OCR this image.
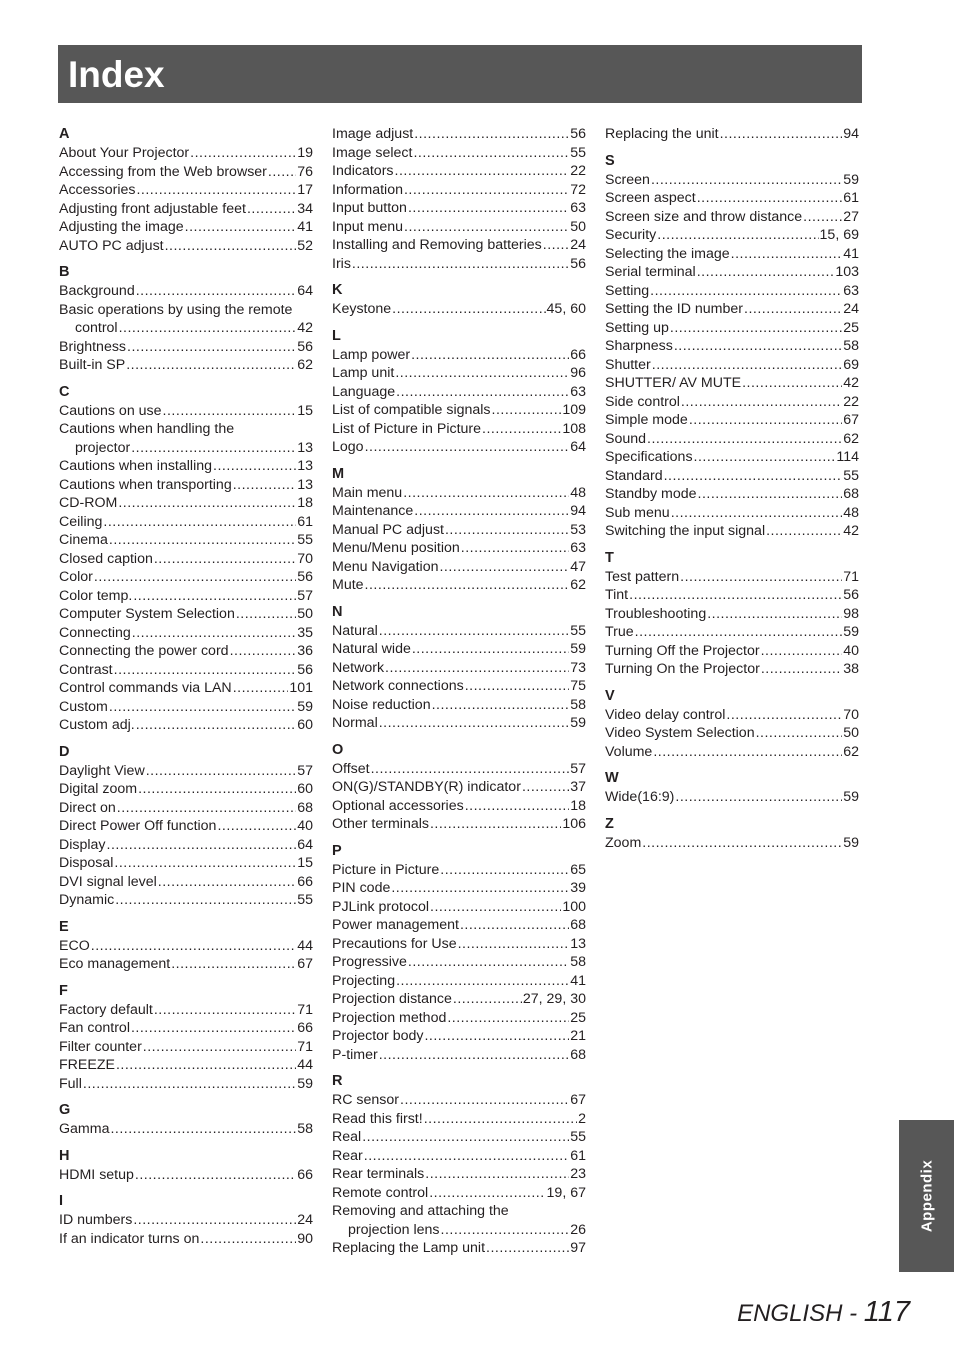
Index
A
About Your Projector .....	19
Accessing from the Web browser ..... 76
Accessories .....	17
Adjusting front adjustable feet .....	34
Adjusting the image .....	41
AUTO PC adjust .....	52
B
Background .....	64
Basic operations by using the remote
control .....	42
Brightness .....	56
Built-in SP .....	62
C
Cautions on use .....	15
Cautions when handling the
projector .....	13
Cautions when installing .....	13
Cautions when transporting .....	13
CD-ROM .....	18
Ceiling .....	61
Cinema .....	55
Closed caption .....	70
Color .....	56
Color temp. .....	57
Computer System Selection .....	50
Connecting .....	35
Connecting the power cord .....	36
Contrast .....	56
Control commands via LAN .....	101
Custom .....	59
Custom adj. .....	60
D
Daylight View .....	57
Digital zoom .....	60
Direct on .....	68
Direct Power Off function .....	40
Display .....	64
Disposal .....	15
DVI signal level .....	66
Dynamic .....	55
E
ECO .....	44
Eco management .....	67
F
Factory default .....	71
Fan control .....	66
Filter counter .....	71
FREEZE .....	44
Full .....	59
G
Gamma .....	58
H
HDMI setup .....	66
I
ID numbers .....	24
If an indicator turns on .....	90
Image adjust .....	56
Image select .....	55
Indicators .....	22
Information .....	72
Input button .....	63
Input menu .....	50
Installing and Removing batteries ..... 24
Iris .....	56
K
Keystone .....	45, 60
L
Lamp power .....	66
Lamp unit .....	96
Language .....	63
List of compatible signals .....	109
List of Picture in Picture .....	108
Logo .....	64
M
Main menu .....	48
Maintenance .....	94
Manual PC adjust .....	53
Menu/Menu position .....	63
Menu Navigation .....	47
Mute .....	62
N
Natural .....	55
Natural wide .....	59
Network .....	73
Network connections .....	75
Noise reduction .....	58
Normal .....	59
O
Offset .....	57
ON(G)/STANDBY(R) indicator .....	37
Optional accessories .....	18
Other terminals .....	106
P
Picture in Picture .....	65
PIN code .....	39
PJLink protocol .....	100
Power management .....	68
Precautions for Use .....	13
Progressive .....	58
Projecting .....	41
Projection distance .....	27, 29, 30
Projection method .....	25
Projector body .....	21
P-timer .....	68
R
RC sensor .....	67
Read this first! .....	2
Real .....	55
Rear .....	61
Rear terminals .....	23
Remote control .....	19, 67
Removing and attaching the
projection lens .....	26
Replacing the Lamp unit .....	97
Replacing the unit .....	94
S
Screen .....	59
Screen aspect .....	61
Screen size and throw distance .....	27
Security .....	15, 69
Selecting the image .....	41
Serial terminal .....	103
Setting .....	63
Setting the ID number .....	24
Setting up .....	25
Sharpness .....	58
Shutter .....	69
SHUTTER/ AV MUTE .....	42
Side control .....	22
Simple mode .....	67
Sound .....	62
Specifications .....	114
Standard .....	55
Standby mode .....	68
Sub menu .....	48
Switching the input signal .....	42
T
Test pattern .....	71
Tint .....	56
Troubleshooting .....	98
True .....	59
Turning Off the Projector .....	40
Turning On the Projector .....	38
V
Video delay control .....	70
Video System Selection .....	50
Volume .....	62
W
Wide(16:9) .....	59
Z
Zoom .....	59
Appendix
ENGLISH - 117
